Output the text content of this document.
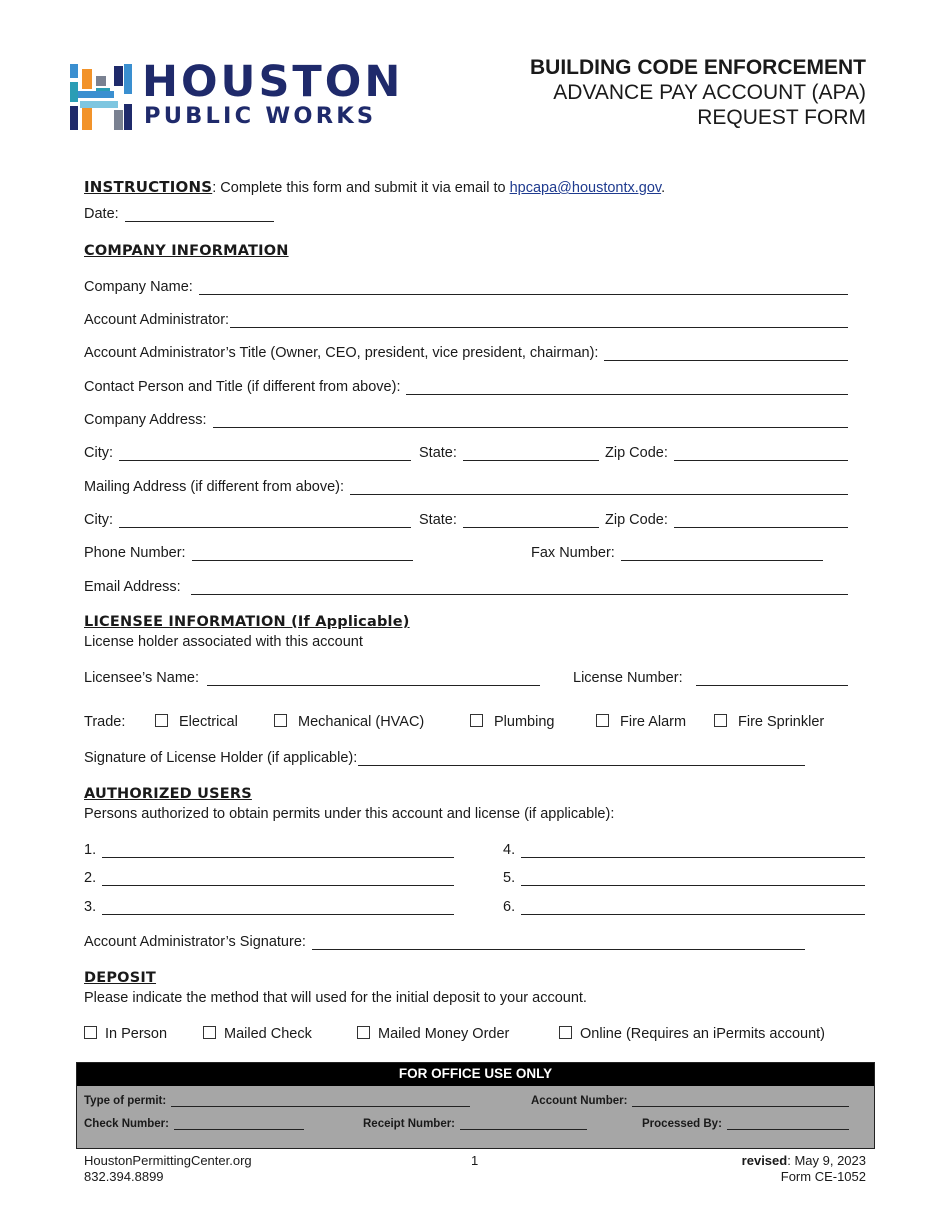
HOUSTON
PUBLIC WORKS
BUILDING CODE ENFORCEMENT
ADVANCE PAY ACCOUNT (APA)
REQUEST FORM
INSTRUCTIONS: Complete this form and submit it via email to hpcapa@houstontx.gov.
Date:
COMPANY INFORMATION
Company Name:
Account Administrator:
Account Administrator’s Title (Owner, CEO, president, vice president, chairman):
Contact Person and Title (if different from above):
Company Address:
City:	State:	Zip Code:
Mailing Address (if different from above):
City:	State:	Zip Code:
Phone Number:	Fax Number:
Email Address:
LICENSEE INFORMATION (If Applicable)
License holder associated with this account
Licensee’s Name:	License Number:
Trade:	Electrical	Mechanical (HVAC)	Plumbing	Fire Alarm	Fire Sprinkler
Signature of License Holder (if applicable):
AUTHORIZED USERS
Persons authorized to obtain permits under this account and license (if applicable):
1.
2.
3.
4.
5.
6.
Account Administrator’s Signature:
DEPOSIT
Please indicate the method that will used for the initial deposit to your account.
In Person	Mailed Check	Mailed Money Order	Online (Requires an iPermits account)
FOR OFFICE USE ONLY
Type of permit:	Account Number:
Check Number:	Receipt Number:	Processed By:
HoustonPermittingCenter.org
832.394.8899
1	revised: May 9, 2023
Form CE-1052
